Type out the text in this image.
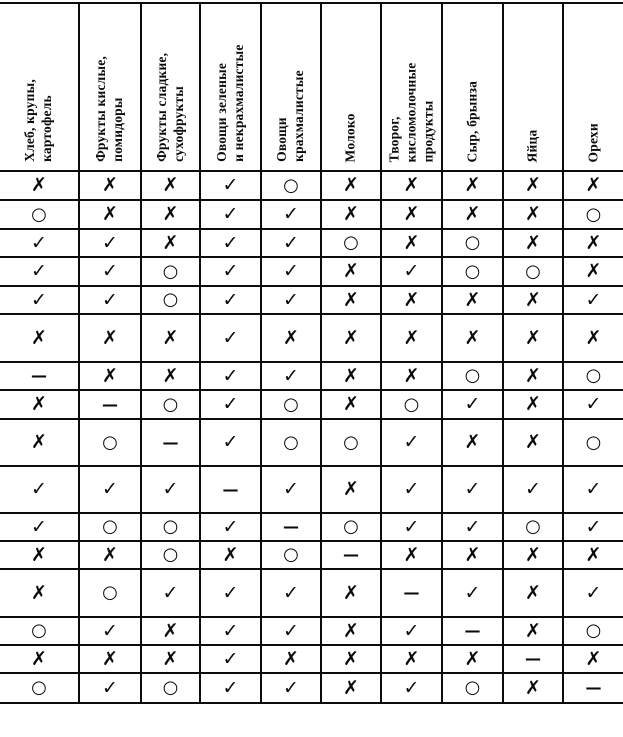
Хлеб, крупы,
картофель	Фрукты кислые,
помидоры	Фрукты сладкие,
сухофрукты	Овощи зеленые
и некрахмалистые	Овощи
крахмалистые	Молоко	Творог,
кисломолочные
продукты	Сыр, брынза	Яйца	Орехи

✗	✗	✗	✓	○	✗	✗	✗	✗	✗
○	✗	✗	✓	✓	✗	✗	✗	✗	○
✓	✓	✗	✓	✓	○	✗	○	✗	✗
✓	✓	○	✓	✓	✗	✓	○	○	✗
✓	✓	○	✓	✓	✗	✗	✗	✗	✓
✗	✗	✗	✓	✗	✗	✗	✗	✗	✗
—	✗	✗	✓	✓	✗	✗	○	✗	○
✗	—	○	✓	○	✗	○	✓	✗	✓
✗	○	—	✓	○	○	✓	✗	✗	○
✓	✓	✓	—	✓	✗	✓	✓	✓	✓
✓	○	○	✓	—	○	✓	✓	○	✓
✗	✗	○	✗	○	—	✗	✗	✗	✗
✗	○	✓	✓	✓	✗	—	✓	✗	✓
○	✓	✗	✓	✓	✗	✓	—	✗	○
✗	✗	✗	✓	✗	✗	✗	✗	—	✗
○	✓	○	✓	✓	✗	✓	○	✗	—
